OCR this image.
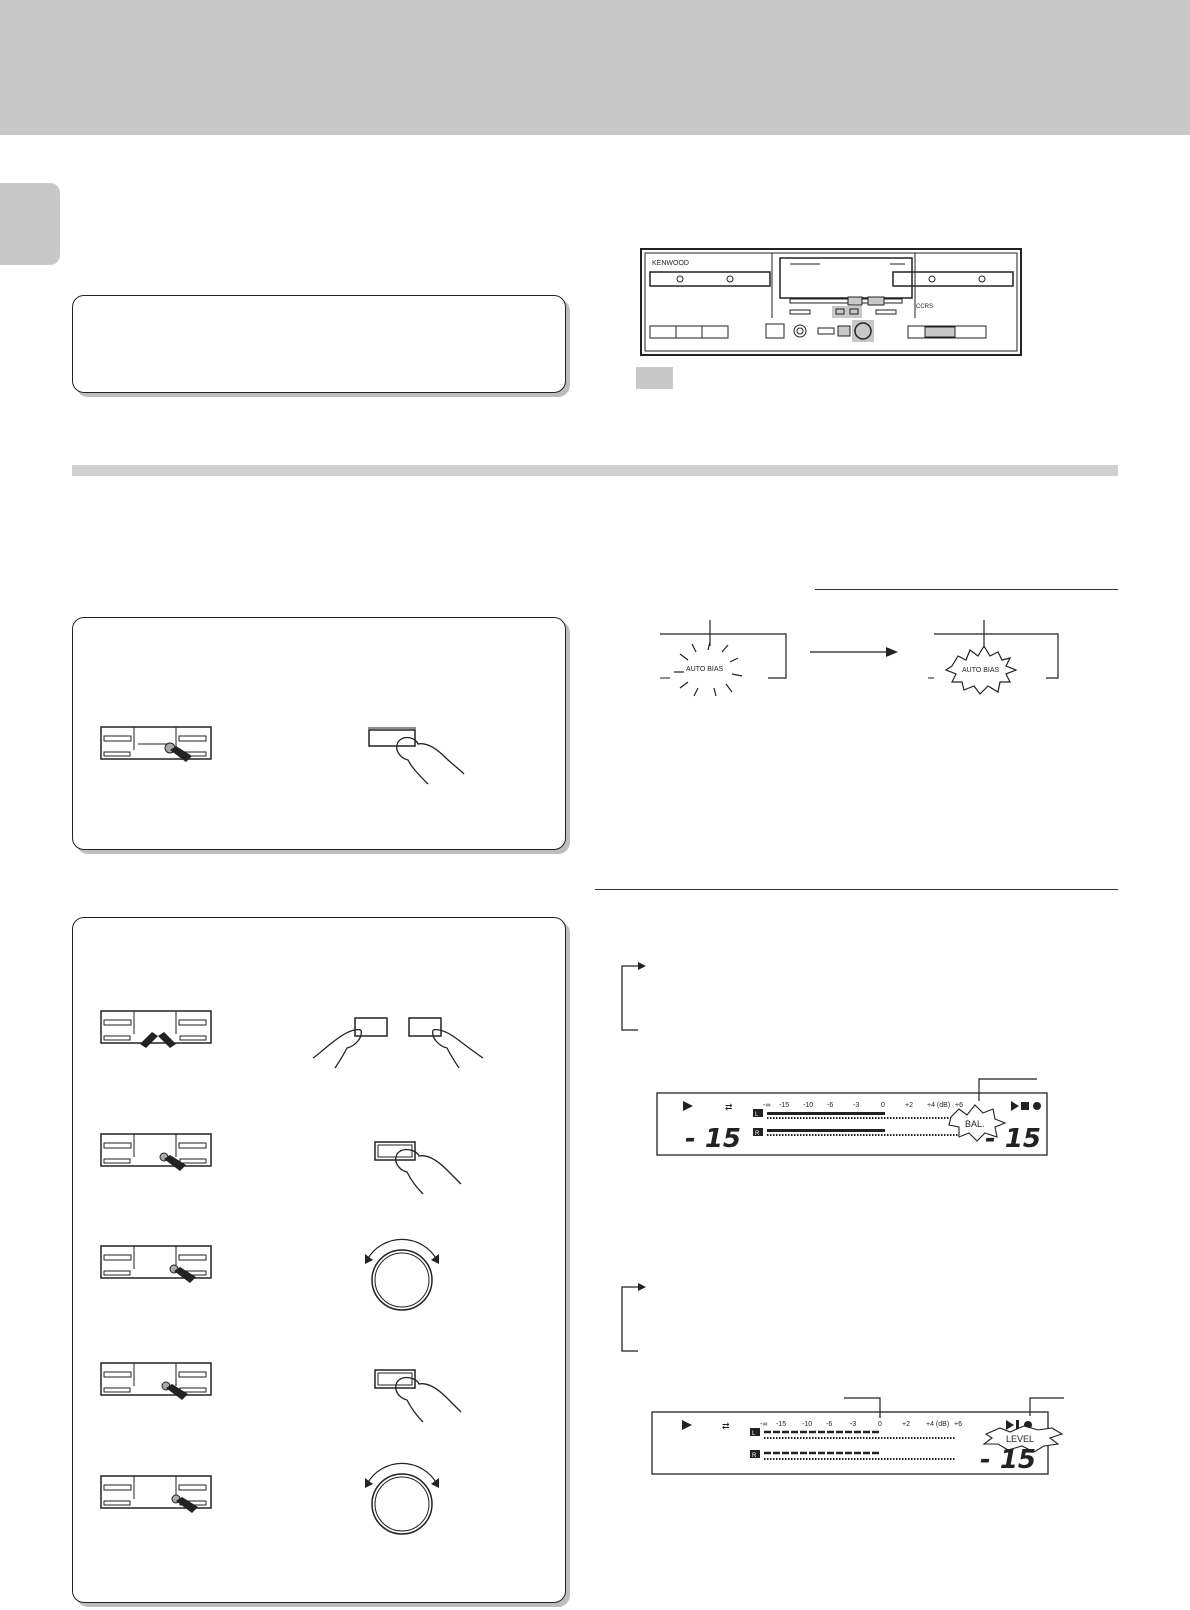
KENWOOD
CCRS
AUTO BIAS	AUTO BIAS
⇄	-∞ -15 -10 -6	-3	0	+2 +4 (dB) +6
L
R
BAL.
- 15	- 15
⇄	-∞ -15 -10 -6	-3	0	+2 +4 (dB) +6
L
R
LEVEL
- 15
